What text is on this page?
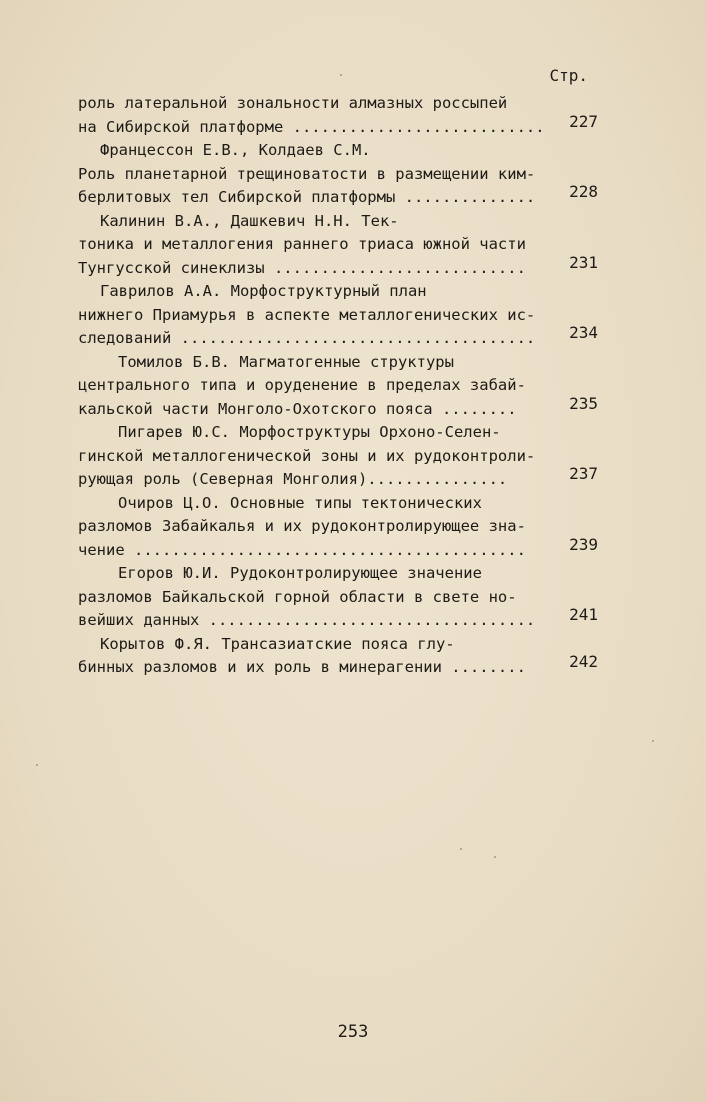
Стр.
роль латеральной зональности алмазных россыпей
на Сибирской платформе ........................... 227
Францессон Е.В., Колдаев С.М.
Роль планетарной трещиноватости в размещении ким-
берлитовых тел Сибирской платформы .............. 228
Калинин В.А., Дашкевич Н.Н. Тек-
тоника и металлогения раннего триаса южной части
Тунгусской синеклизы ...........................	231
Гаврилов А.А. Морфоструктурный план
нижнего Приамурья в аспекте металлогенических ис-
следований ...................................... 234
Томилов Б.В. Магматогенные структуры
центрального типа и оруденение в пределах забай-
кальской части Монголо-Охотского пояса ........	235
Пигарев Ю.С. Морфоструктуры Орхоно-Селен-
гинской металлогенической зоны и их рудоконтроли-
рующая роль (Северная Монголия)...............	237
Очиров Ц.О. Основные типы тектонических
разломов Забайкалья и их рудоконтролирующее зна-
чение ..........................................	239
Егоров Ю.И. Рудоконтролирующее значение
разломов Байкальской горной области в свете но-
вейших данных ................................... 241
Корытов Ф.Я. Трансазиатские пояса глу-
бинных разломов и их роль в минерагении ........	242
253
